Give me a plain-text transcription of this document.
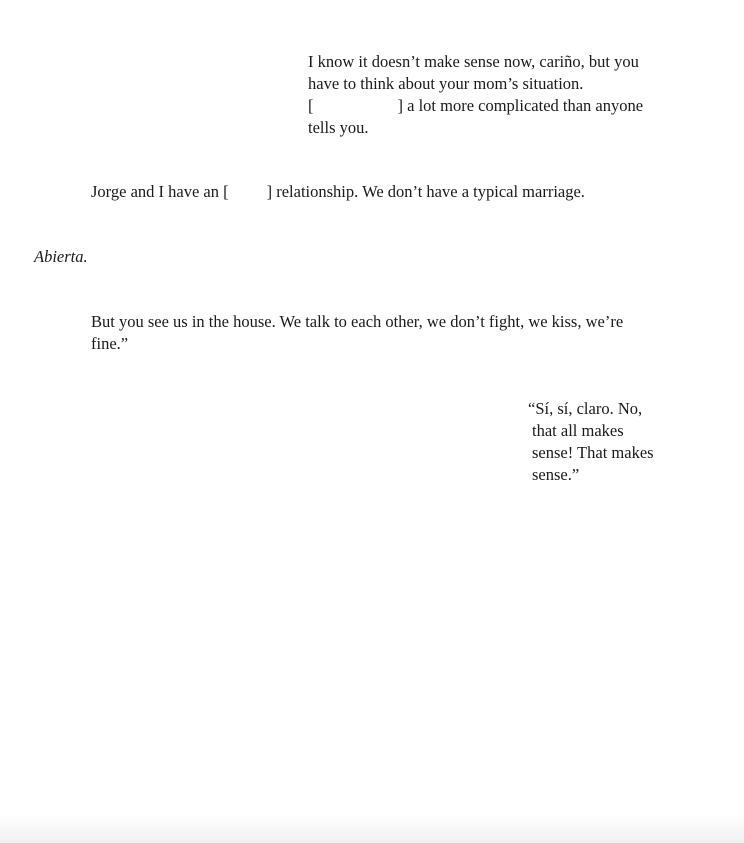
I know it doesn’t make sense now, cariño, but you
have to think about your mom’s situation.
[	] a lot more complicated than anyone
tells you.
Jorge and I have an [ ] relationship. We don’t have a typical marriage.
Abierta.
But you see us in the house. We talk to each other, we don’t fight, we kiss, we’re
fine.”
“Sí, sí, claro. No,
that all makes
sense! That makes
sense.”
